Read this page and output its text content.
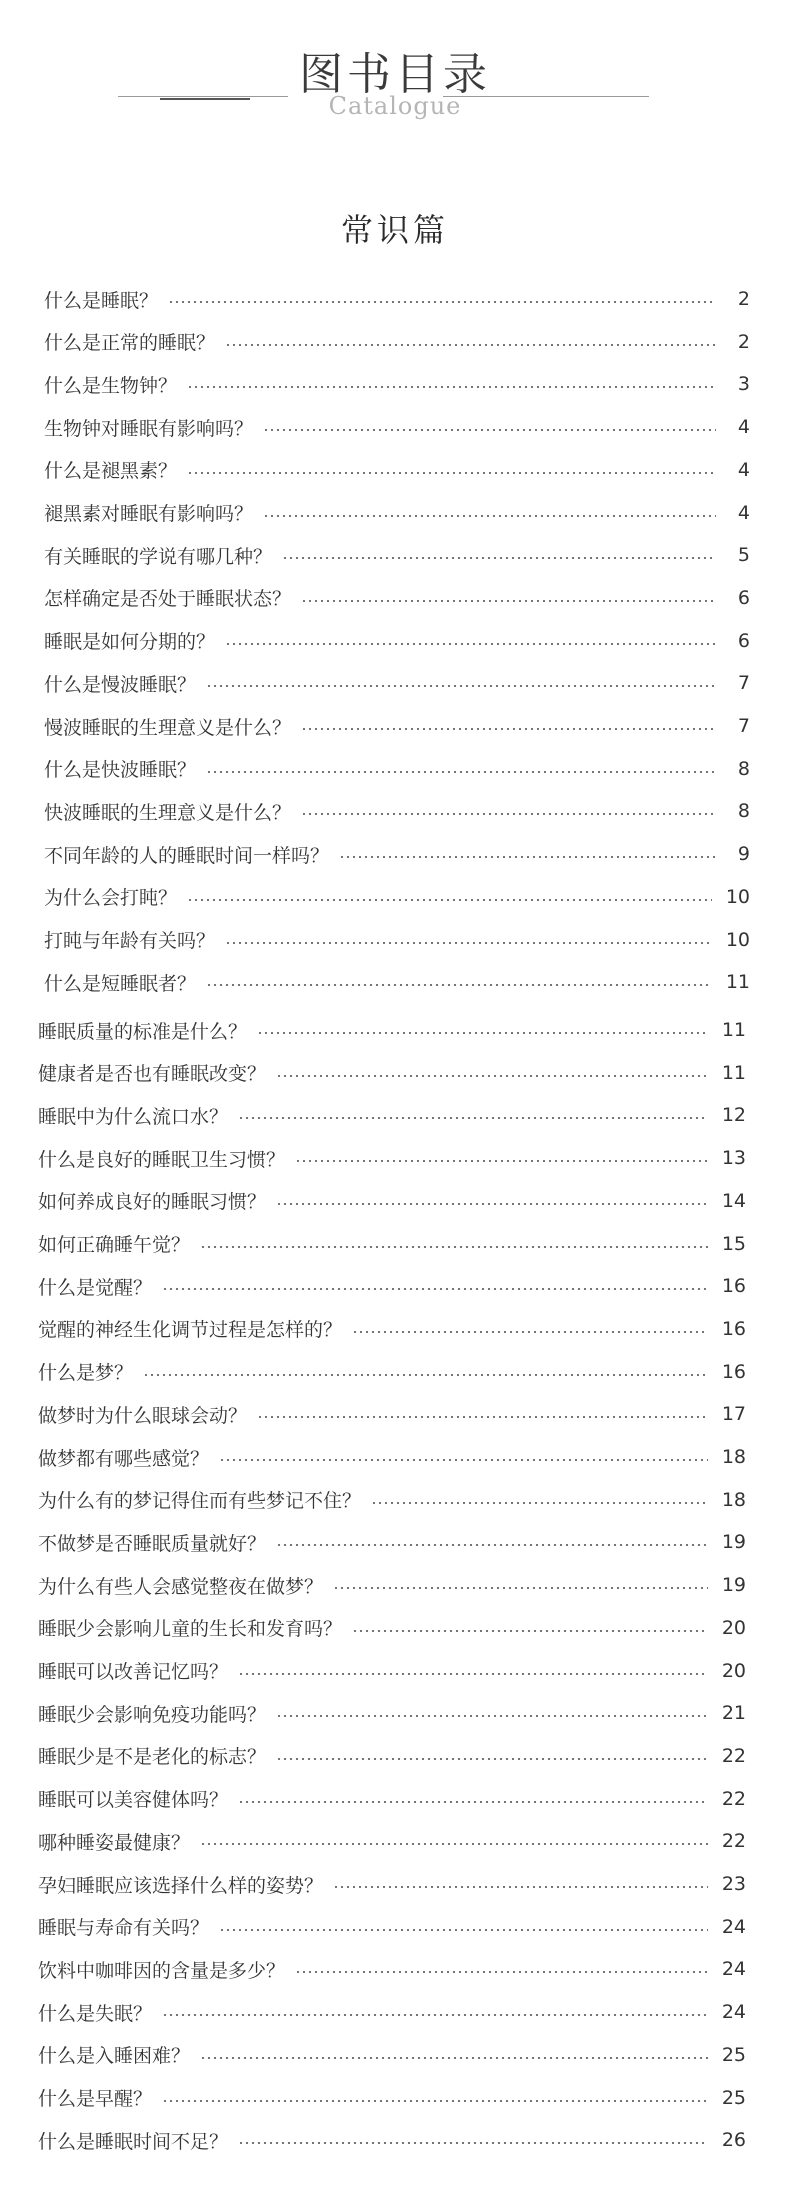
图书目录
Catalogue
常识篇
什么是睡眠？	2
什么是正常的睡眠？	2
什么是生物钟？	3
生物钟对睡眠有影响吗？	4
什么是褪黑素？	4
褪黑素对睡眠有影响吗？	4
有关睡眠的学说有哪几种？	5
怎样确定是否处于睡眠状态？	6
睡眠是如何分期的？	6
什么是慢波睡眠？	7
慢波睡眠的生理意义是什么？	7
什么是快波睡眠？	8
快波睡眠的生理意义是什么？	8
不同年龄的人的睡眠时间一样吗？	9
为什么会打盹？	10
打盹与年龄有关吗？	10
什么是短睡眠者？	11
睡眠质量的标准是什么？	11
健康者是否也有睡眠改变？	11
睡眠中为什么流口水？	12
什么是良好的睡眠卫生习惯？	13
如何养成良好的睡眠习惯？	14
如何正确睡午觉？	15
什么是觉醒？	16
觉醒的神经生化调节过程是怎样的？	16
什么是梦？	16
做梦时为什么眼球会动？	17
做梦都有哪些感觉？	18
为什么有的梦记得住而有些梦记不住？	18
不做梦是否睡眠质量就好？	19
为什么有些人会感觉整夜在做梦？	19
睡眠少会影响儿童的生长和发育吗？	20
睡眠可以改善记忆吗？	20
睡眠少会影响免疫功能吗？	21
睡眠少是不是老化的标志？	22
睡眠可以美容健体吗？	22
哪种睡姿最健康？	22
孕妇睡眠应该选择什么样的姿势？	23
睡眠与寿命有关吗？	24
饮料中咖啡因的含量是多少？	24
什么是失眠？	24
什么是入睡困难？	25
什么是早醒？	25
什么是睡眠时间不足？	26
